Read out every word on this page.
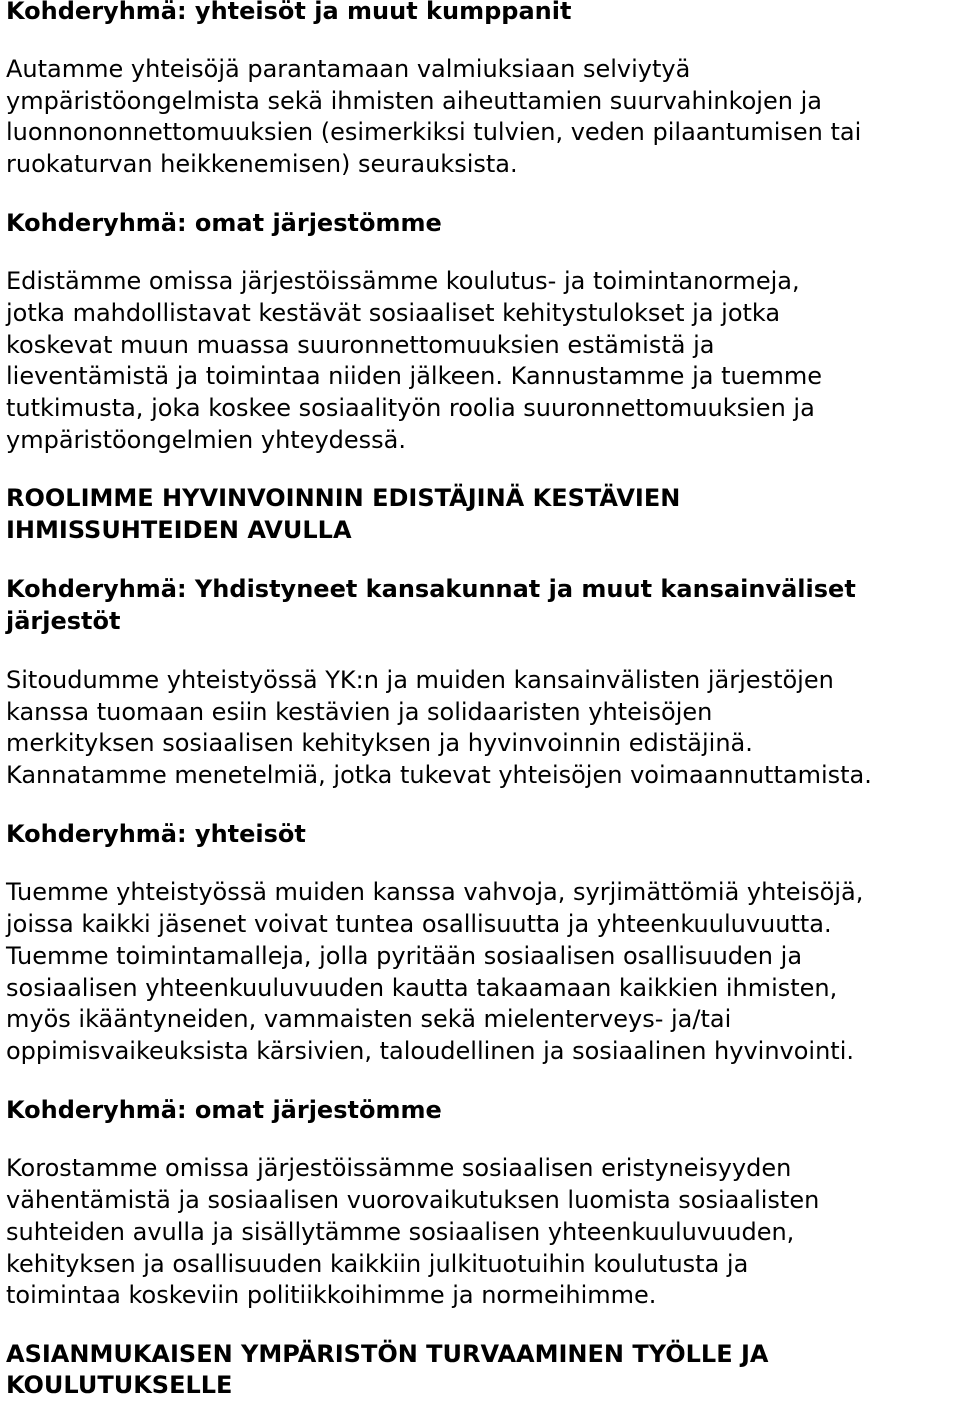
Kohderyhmä: yhteisöt ja muut kumppanit
Autamme yhteisöjä parantamaan valmiuksiaan selviytyä
ympäristöongelmista sekä ihmisten aiheuttamien suurvahinkojen ja
luonnononnettomuuksien (esimerkiksi tulvien, veden pilaantumisen tai
ruokaturvan heikkenemisen) seurauksista.
Kohderyhmä: omat järjestömme
Edistämme omissa järjestöissämme koulutus- ja toimintanormeja,
jotka mahdollistavat kestävät sosiaaliset kehitystulokset ja jotka
koskevat muun muassa suuronnettomuuksien estämistä ja
lieventämistä ja toimintaa niiden jälkeen. Kannustamme ja tuemme
tutkimusta, joka koskee sosiaalityön roolia suuronnettomuuksien ja
ympäristöongelmien yhteydessä.
ROOLIMME HYVINVOINNIN EDISTÄJINÄ KESTÄVIEN
IHMISSUHTEIDEN AVULLA
Kohderyhmä: Yhdistyneet kansakunnat ja muut kansainväliset
järjestöt
Sitoudumme yhteistyössä YK:n ja muiden kansainvälisten järjestöjen
kanssa tuomaan esiin kestävien ja solidaaristen yhteisöjen
merkityksen sosiaalisen kehityksen ja hyvinvoinnin edistäjinä.
Kannatamme menetelmiä, jotka tukevat yhteisöjen voimaannuttamista.
Kohderyhmä: yhteisöt
Tuemme yhteistyössä muiden kanssa vahvoja, syrjimättömiä yhteisöjä,
joissa kaikki jäsenet voivat tuntea osallisuutta ja yhteenkuuluvuutta.
Tuemme toimintamalleja, jolla pyritään sosiaalisen osallisuuden ja
sosiaalisen yhteenkuuluvuuden kautta takaamaan kaikkien ihmisten,
myös ikääntyneiden, vammaisten sekä mielenterveys- ja/tai
oppimisvaikeuksista kärsivien, taloudellinen ja sosiaalinen hyvinvointi.
Kohderyhmä: omat järjestömme
Korostamme omissa järjestöissämme sosiaalisen eristyneisyyden
vähentämistä ja sosiaalisen vuorovaikutuksen luomista sosiaalisten
suhteiden avulla ja sisällytämme sosiaalisen yhteenkuuluvuuden,
kehityksen ja osallisuuden kaikkiin julkituotuihin koulutusta ja
toimintaa koskeviin politiikkoihimme ja normeihimme.
ASIANMUKAISEN YMPÄRISTÖN TURVAAMINEN TYÖLLE JA
KOULUTUKSELLE
